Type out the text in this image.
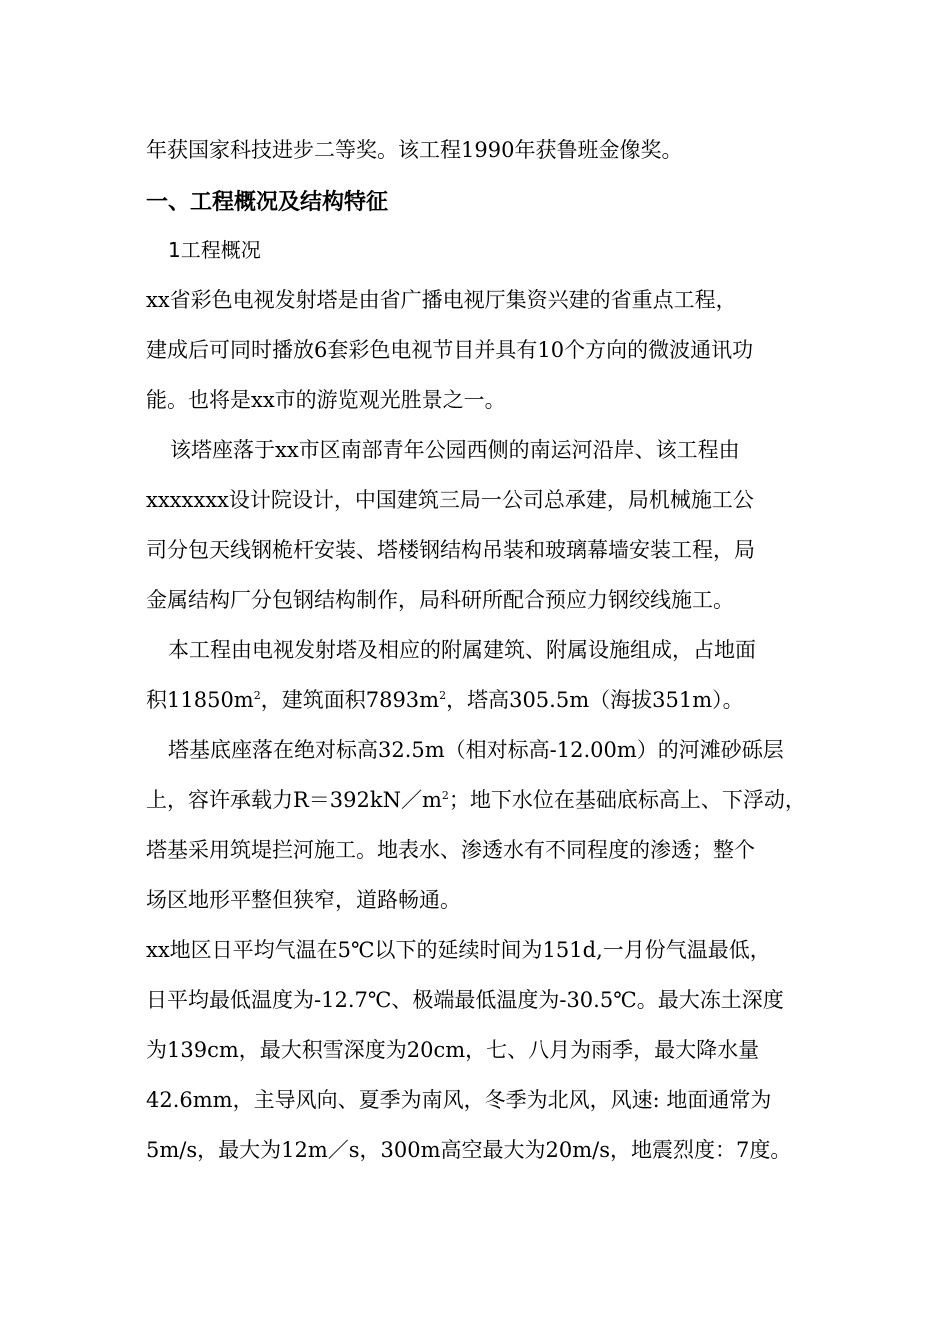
年获国家科技进步二等奖。该工程1990年获鲁班金像奖。
一、工程概况及结构特征
1工程概况
xx省彩色电视发射塔是由省广播电视厅集资兴建的省重点工程，
建成后可同时播放6套彩色电视节目并具有10个方向的微波通讯功
能。也将是xx市的游览观光胜景之一。
该塔座落于xx市区南部青年公园西侧的南运河沿岸、该工程由
xxxxxxx设计院设计，中国建筑三局一公司总承建，局机械施工公
司分包天线钢桅杆安装、塔楼钢结构吊装和玻璃幕墙安装工程，局
金属结构厂分包钢结构制作，局科研所配合预应力钢绞线施工。
本工程由电视发射塔及相应的附属建筑、附属设施组成，占地面
积$11850m^2$，建筑面积$7893m^2$，塔高305.5m（海拔351m）。
塔基底座落在绝对标高32.5m（相对标高-12.00m）的河滩砂砾层
上，容许承载力$R=392kN/m^2$；地下水位在基础底标高上、下浮动，
塔基采用筑堤拦河施工。地表水、渗透水有不同程度的渗透；整个
场区地形平整但狭窄，道路畅通。
xx地区日平均气温在5℃以下的延续时间为151d,一月份气温最低，
日平均最低温度为-12.7℃、极端最低温度为-30.5℃。最大冻土深度
为139cm，最大积雪深度为20cm，七、八月为雨季，最大降水量
42.6mm，主导风向、夏季为南风，冬季为北风，风速: 地面通常为
5m/s，最大为12m／s，300m高空最大为20m/s，地震烈度：7度。
